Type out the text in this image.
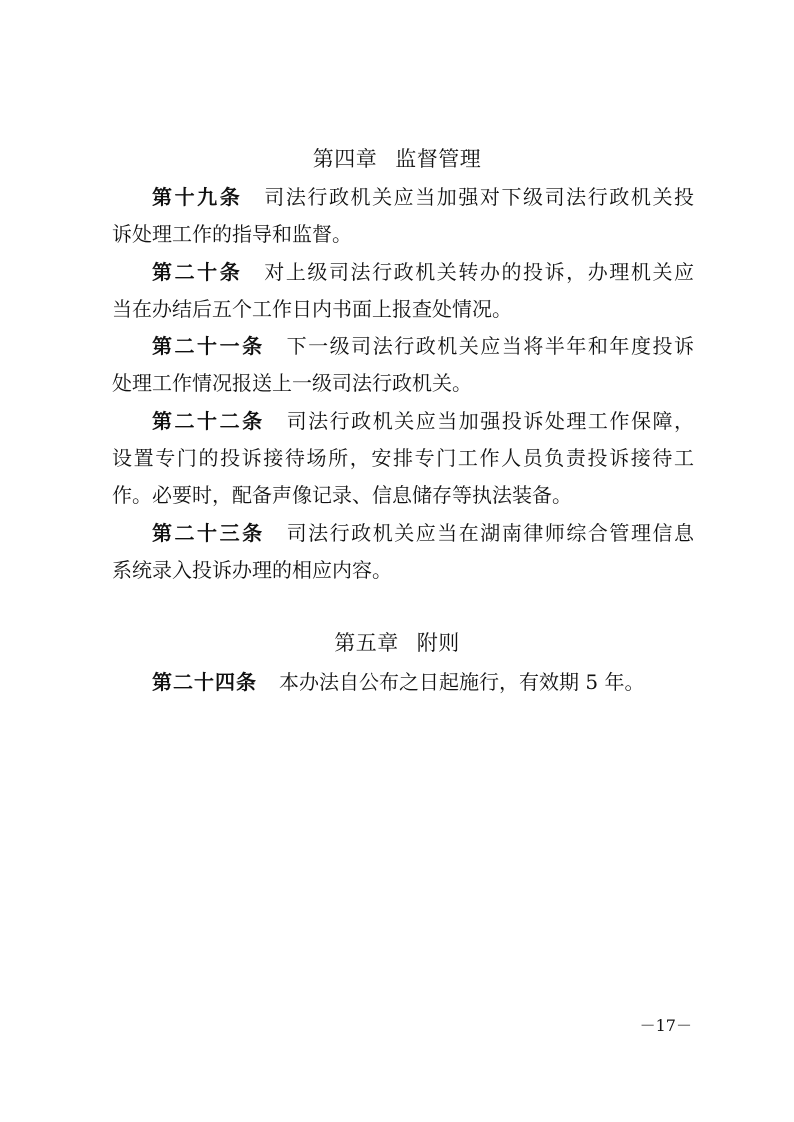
第四章 监督管理
第十九条 司法行政机关应当加强对下级司法行政机关投
诉处理工作的指导和监督。
第二十条 对上级司法行政机关转办的投诉，办理机关应
当在办结后五个工作日内书面上报查处情况。
第二十一条 下一级司法行政机关应当将半年和年度投诉
处理工作情况报送上一级司法行政机关。
第二十二条 司法行政机关应当加强投诉处理工作保障，
设置专门的投诉接待场所，安排专门工作人员负责投诉接待工
作。必要时，配备声像记录、信息储存等执法装备。
第二十三条 司法行政机关应当在湖南律师综合管理信息
系统录入投诉办理的相应内容。
第五章 附则
第二十四条 本办法自公布之日起施行，有效期 5 年。
－17－
